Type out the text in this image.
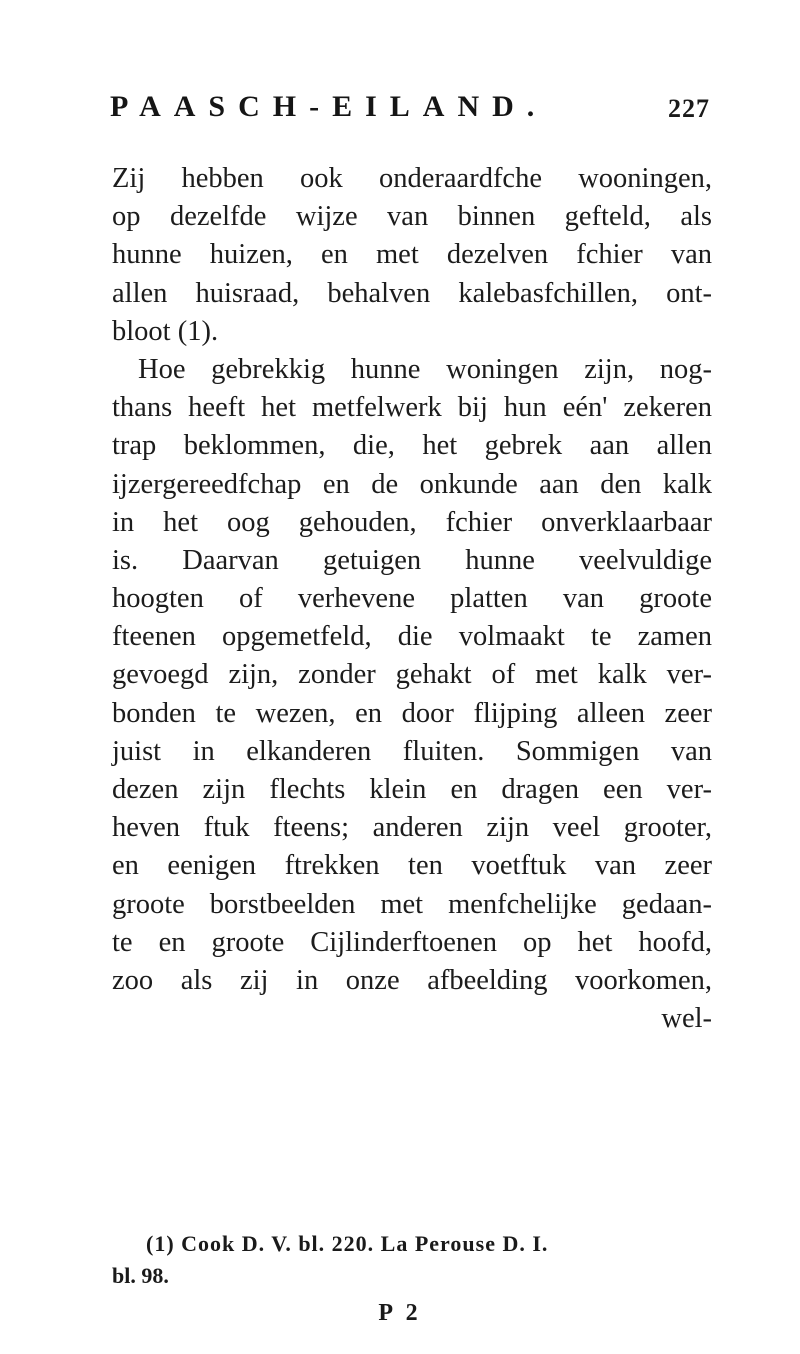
PAASCH-EILAND.	227
Zij hebben ook onderaardfche wooningen,
op dezelfde wijze van binnen gefteld, als
hunne huizen, en met dezelven fchier van
allen huisraad, behalven kalebasfchillen, ont-
bloot (1).
Hoe gebrekkig hunne woningen zijn, nog-
thans heeft het metfelwerk bij hun eén' zekeren
trap beklommen, die, het gebrek aan allen
ijzergereedfchap en de onkunde aan den kalk
in het oog gehouden, fchier onverklaarbaar
is. Daarvan getuigen hunne veelvuldige
hoogten of verhevene platten van groote
fteenen opgemetfeld, die volmaakt te zamen
gevoegd zijn, zonder gehakt of met kalk ver-
bonden te wezen, en door flijping alleen zeer
juist in elkanderen fluiten. Sommigen van
dezen zijn flechts klein en dragen een ver-
heven ftuk fteens; anderen zijn veel grooter,
en eenigen ftrekken ten voetftuk van zeer
groote borstbeelden met menfchelijke gedaan-
te en groote Cijlinderftoenen op het hoofd,
zoo als zij in onze afbeelding voorkomen,
wel-
(1) Cook D. V. bl. 220. La Perouse D. I.
bl. 98.
P 2
